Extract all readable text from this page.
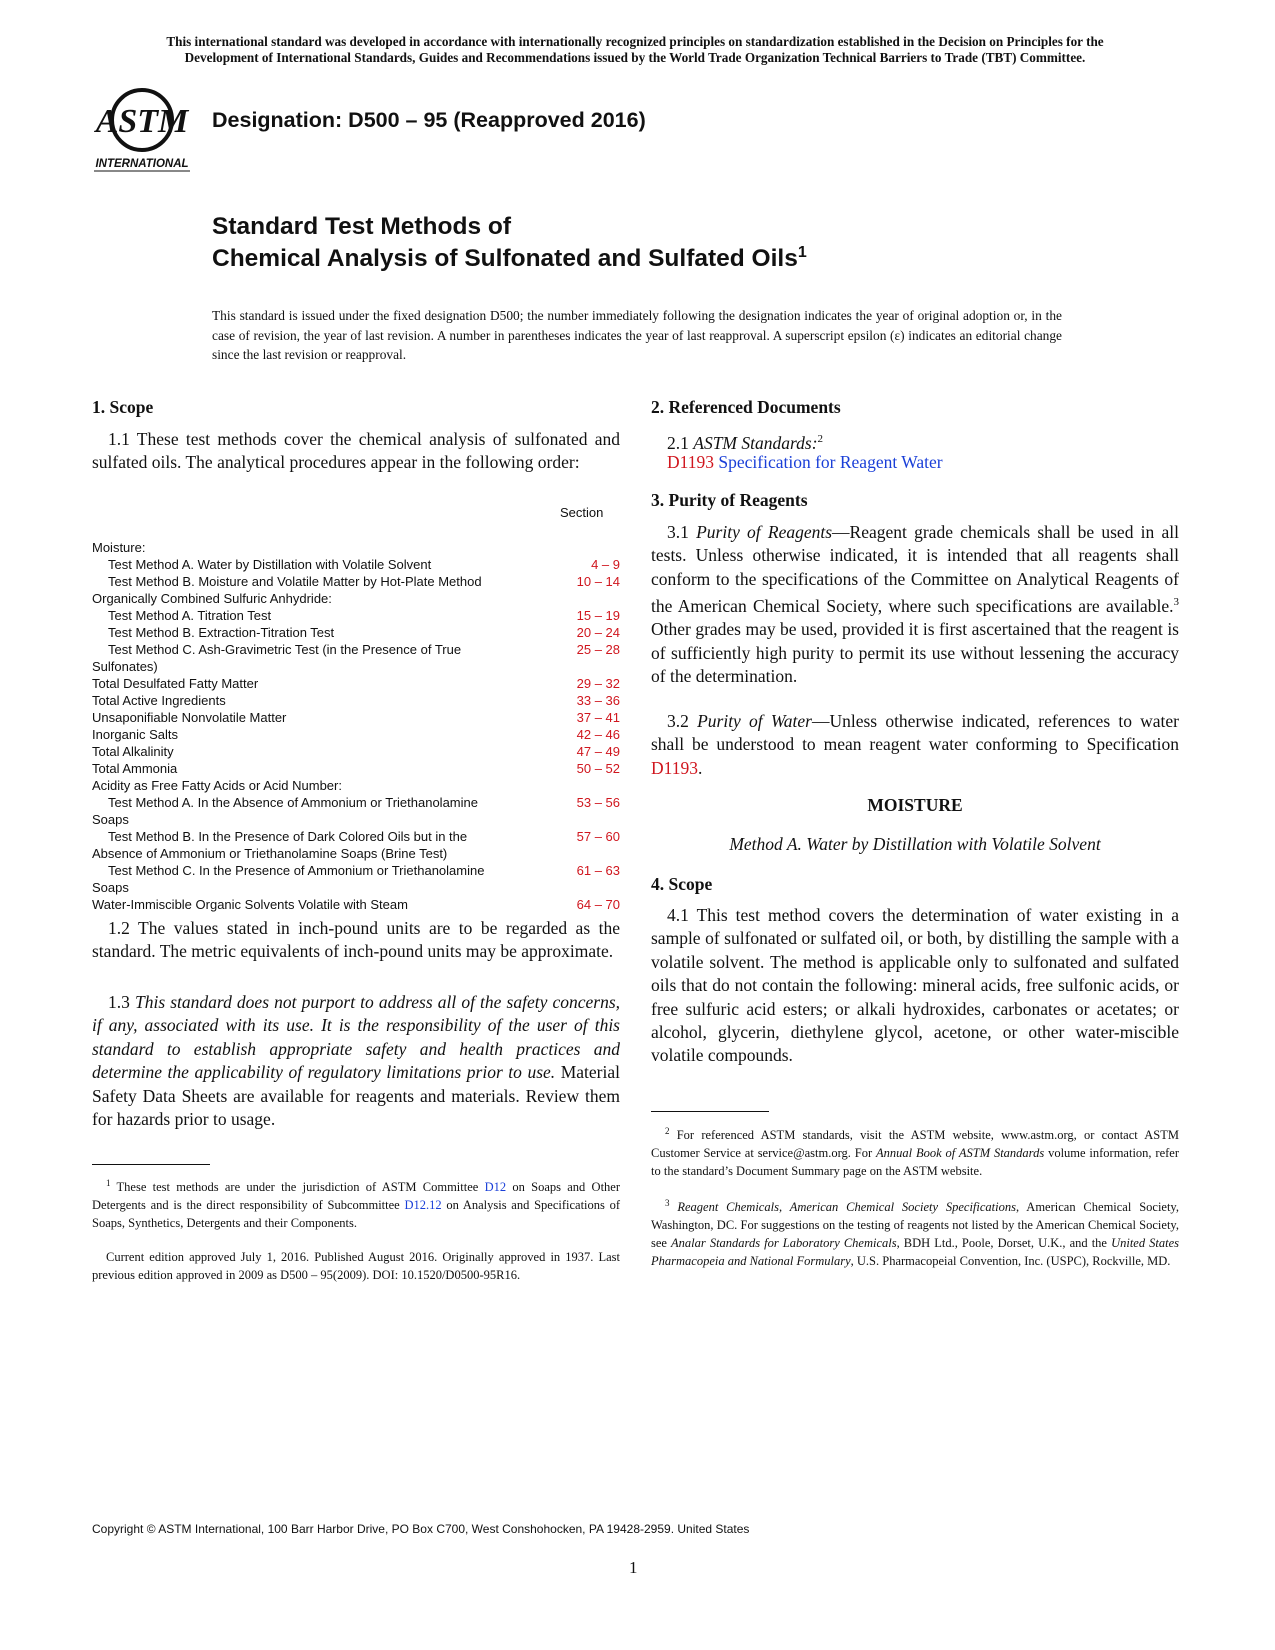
This international standard was developed in accordance with internationally recognized principles on standardization established in the Decision on Principles for the
Development of International Standards, Guides and Recommendations issued by the World Trade Organization Technical Barriers to Trade (TBT) Committee.
ASTM
INTERNATIONAL
Designation: D500 – 95 (Reapproved 2016)
Standard Test Methods of
Chemical Analysis of Sulfonated and Sulfated Oils$^1$
This standard is issued under the fixed designation D500; the number immediately following the designation indicates the year of original adoption or, in the case of revision, the year of last revision. A number in parentheses indicates the year of last reapproval. A superscript epsilon (ε) indicates an editorial change since the last revision or reapproval.
1. Scope
1.1 These test methods cover the chemical analysis of sulfonated and sulfated oils. The analytical procedures appear in the following order:
Section
Moisture:
Test Method A. Water by Distillation with Volatile Solvent	4 – 9
Test Method B. Moisture and Volatile Matter by Hot-Plate Method	10 – 14
Organically Combined Sulfuric Anhydride:
Test Method A. Titration Test	15 – 19
Test Method B. Extraction-Titration Test	20 – 24
Test Method C. Ash-Gravimetric Test (in the Presence of True	25 – 28
Sulfonates)
Total Desulfated Fatty Matter	29 – 32
Total Active Ingredients	33 – 36
Unsaponifiable Nonvolatile Matter	37 – 41
Inorganic Salts	42 – 46
Total Alkalinity	47 – 49
Total Ammonia	50 – 52
Acidity as Free Fatty Acids or Acid Number:
Test Method A. In the Absence of Ammonium or Triethanolamine	53 – 56
Soaps
Test Method B. In the Presence of Dark Colored Oils but in the	57 – 60
Absence of Ammonium or Triethanolamine Soaps (Brine Test)
Test Method C. In the Presence of Ammonium or Triethanolamine	61 – 63
Soaps
Water-Immiscible Organic Solvents Volatile with Steam	64 – 70
1.2 The values stated in inch-pound units are to be regarded as the standard. The metric equivalents of inch-pound units may be approximate.
1.3 This standard does not purport to address all of the safety concerns, if any, associated with its use. It is the responsibility of the user of this standard to establish appropriate safety and health practices and determine the applicability of regulatory limitations prior to use. Material Safety Data Sheets are available for reagents and materials. Review them for hazards prior to usage.
$^1$ These test methods are under the jurisdiction of ASTM Committee D12 on Soaps and Other Detergents and is the direct responsibility of Subcommittee D12.12 on Analysis and Specifications of Soaps, Synthetics, Detergents and their Components.
Current edition approved July 1, 2016. Published August 2016. Originally approved in 1937. Last previous edition approved in 2009 as D500 – 95(2009). DOI: 10.1520/D0500-95R16.
2. Referenced Documents
2.1 ASTM Standards:$^2$
D1193 Specification for Reagent Water
3. Purity of Reagents
3.1 Purity of Reagents—Reagent grade chemicals shall be used in all tests. Unless otherwise indicated, it is intended that all reagents shall conform to the specifications of the Committee on Analytical Reagents of the American Chemical Society, where such specifications are available.$^3$ Other grades may be used, provided it is first ascertained that the reagent is of sufficiently high purity to permit its use without lessening the accuracy of the determination.
3.2 Purity of Water—Unless otherwise indicated, references to water shall be understood to mean reagent water conforming to Specification D1193.
MOISTURE
Method A. Water by Distillation with Volatile Solvent
4. Scope
4.1 This test method covers the determination of water existing in a sample of sulfonated or sulfated oil, or both, by distilling the sample with a volatile solvent. The method is applicable only to sulfonated and sulfated oils that do not contain the following: mineral acids, free sulfonic acids, or free sulfuric acid esters; or alkali hydroxides, carbonates or acetates; or alcohol, glycerin, diethylene glycol, acetone, or other water-miscible volatile compounds.
$^2$ For referenced ASTM standards, visit the ASTM website, www.astm.org, or contact ASTM Customer Service at service@astm.org. For Annual Book of ASTM Standards volume information, refer to the standard’s Document Summary page on the ASTM website.
$^3$ Reagent Chemicals, American Chemical Society Specifications, American Chemical Society, Washington, DC. For suggestions on the testing of reagents not listed by the American Chemical Society, see Analar Standards for Laboratory Chemicals, BDH Ltd., Poole, Dorset, U.K., and the United States Pharmacopeia and National Formulary, U.S. Pharmacopeial Convention, Inc. (USPC), Rockville, MD.
Copyright © ASTM International, 100 Barr Harbor Drive, PO Box C700, West Conshohocken, PA 19428-2959. United States
1
